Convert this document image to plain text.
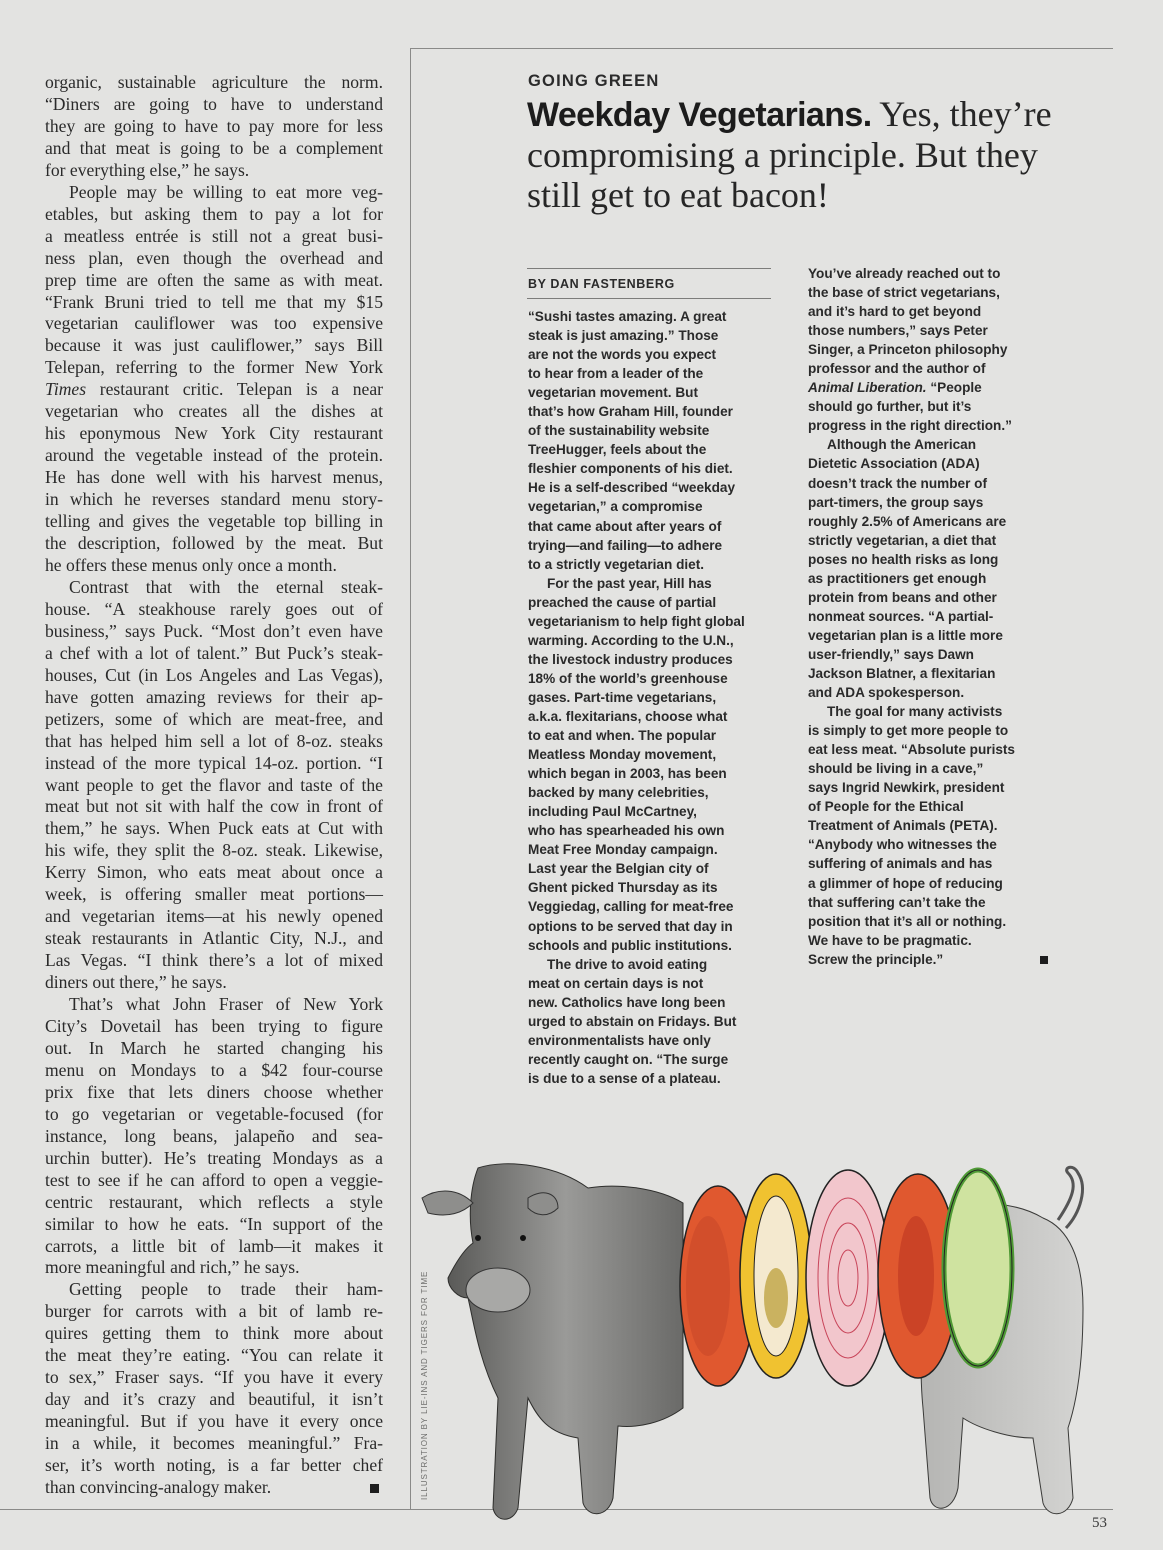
organic, sustainable agriculture the norm.
“Diners are going to have to understand
they are going to have to pay more for less
and that meat is going to be a complement
for everything else,” he says.

People may be willing to eat more veg-
etables, but asking them to pay a lot for
a meatless entrée is still not a great busi-
ness plan, even though the overhead and
prep time are often the same as with meat.
“Frank Bruni tried to tell me that my $15
vegetarian cauliflower was too expensive
because it was just cauliflower,” says Bill
Telepan, referring to the former New York
Times restaurant critic. Telepan is a near
vegetarian who creates all the dishes at
his eponymous New York City restaurant
around the vegetable instead of the protein.
He has done well with his harvest menus,
in which he reverses standard menu story-
telling and gives the vegetable top billing in
the description, followed by the meat. But
he offers these menus only once a month.

Contrast that with the eternal steak-
house. “A steakhouse rarely goes out of
business,” says Puck. “Most don’t even have
a chef with a lot of talent.” But Puck’s steak-
houses, Cut (in Los Angeles and Las Vegas),
have gotten amazing reviews for their ap-
petizers, some of which are meat-free, and
that has helped him sell a lot of 8-oz. steaks
instead of the more typical 14-oz. portion. “I
want people to get the flavor and taste of the
meat but not sit with half the cow in front of
them,” he says. When Puck eats at Cut with
his wife, they split the 8-oz. steak. Likewise,
Kerry Simon, who eats meat about once a
week, is offering smaller meat portions—
and vegetarian items—at his newly opened
steak restaurants in Atlantic City, N.J., and
Las Vegas. “I think there’s a lot of mixed
diners out there,” he says.

That’s what John Fraser of New York
City’s Dovetail has been trying to figure
out. In March he started changing his
menu on Mondays to a $42 four-course
prix fixe that lets diners choose whether
to go vegetarian or vegetable-focused (for
instance, long beans, jalapeño and sea-
urchin butter). He’s treating Mondays as a
test to see if he can afford to open a veggie-
centric restaurant, which reflects a style
similar to how he eats. “In support of the
carrots, a little bit of lamb—it makes it
more meaningful and rich,” he says.

Getting people to trade their ham-
burger for carrots with a bit of lamb re-
quires getting them to think more about
the meat they’re eating. “You can relate it
to sex,” Fraser says. “If you have it every
day and it’s crazy and beautiful, it isn’t
meaningful. But if you have it every once
in a while, it becomes meaningful.” Fra-
ser, it’s worth noting, is a far better chef
than convincing-analogy maker.

GOING GREEN
Weekday Vegetarians. Yes, they’re compromising a principle. But they still get to eat bacon!
BY DAN FASTENBERG

“Sushi tastes amazing. A great
steak is just amazing.” Those
are not the words you expect
to hear from a leader of the
vegetarian movement. But
that’s how Graham Hill, founder
of the sustainability website
TreeHugger, feels about the
fleshier components of his diet.
He is a self-described “weekday
vegetarian,” a compromise
that came about after years of
trying—and failing—to adhere
to a strictly vegetarian diet.

For the past year, Hill has
preached the cause of partial
vegetarianism to help fight global
warming. According to the U.N.,
the livestock industry produces
18% of the world’s greenhouse
gases. Part-time vegetarians,
a.k.a. flexitarians, choose what
to eat and when. The popular
Meatless Monday movement,
which began in 2003, has been
backed by many celebrities,
including Paul McCartney,
who has spearheaded his own
Meat Free Monday campaign.
Last year the Belgian city of
Ghent picked Thursday as its
Veggiedag, calling for meat-free
options to be served that day in
schools and public institutions.

The drive to avoid eating
meat on certain days is not
new. Catholics have long been
urged to abstain on Fridays. But
environmentalists have only
recently caught on. “The surge
is due to a sense of a plateau.

You’ve already reached out to
the base of strict vegetarians,
and it’s hard to get beyond
those numbers,” says Peter
Singer, a Princeton philosophy
professor and the author of
Animal Liberation. “People
should go further, but it’s
progress in the right direction.”

Although the American
Dietetic Association (ADA)
doesn’t track the number of
part-timers, the group says
roughly 2.5% of Americans are
strictly vegetarian, a diet that
poses no health risks as long
as practitioners get enough
protein from beans and other
nonmeat sources. “A partial-
vegetarian plan is a little more
user-friendly,” says Dawn
Jackson Blatner, a flexitarian
and ADA spokesperson.

The goal for many activists
is simply to get more people to
eat less meat. “Absolute purists
should be living in a cave,”
says Ingrid Newkirk, president
of People for the Ethical
Treatment of Animals (PETA).
“Anybody who witnesses the
suffering of animals and has
a glimmer of hope of reducing
that suffering can’t take the
position that it’s all or nothing.
We have to be pragmatic.
Screw the principle.”

ILLUSTRATION BY LIE-INS AND TIGERS FOR TIME
53
